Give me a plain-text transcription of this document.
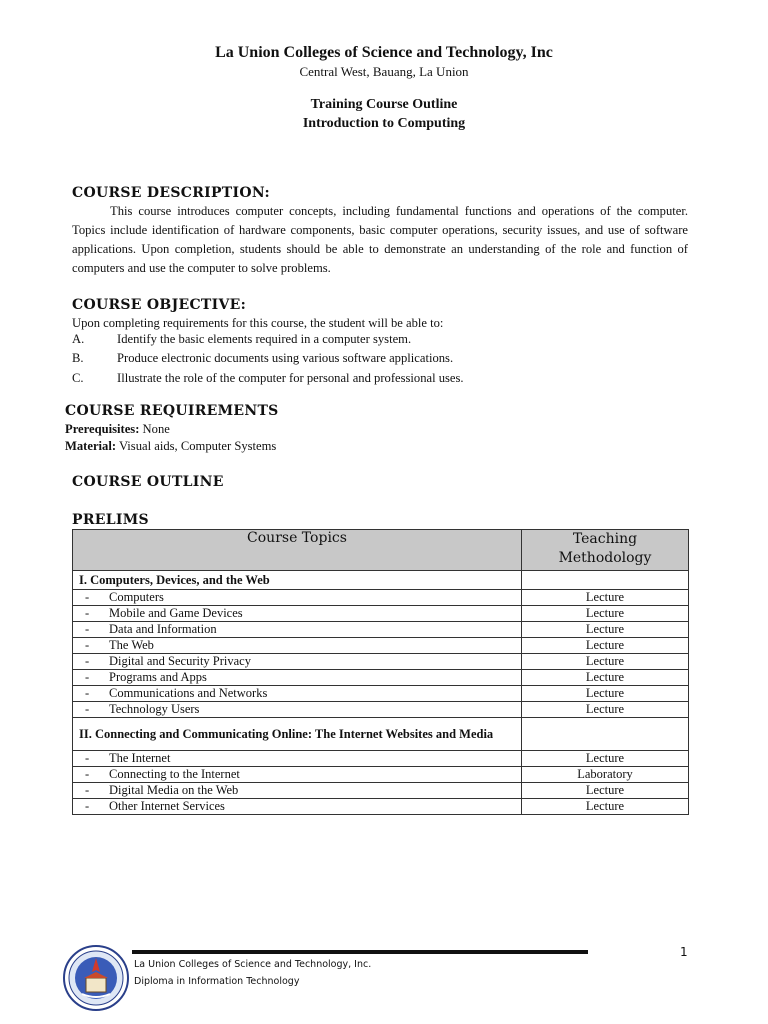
La Union Colleges of Science and Technology, Inc
Central West, Bauang, La Union
Training Course Outline
Introduction to Computing
COURSE DESCRIPTION:
This course introduces computer concepts, including fundamental functions and operations of the computer. Topics include identification of hardware components, basic computer operations, security issues, and use of software applications. Upon completion, students should be able to demonstrate an understanding of the role and function of computers and use the computer to solve problems.
COURSE OBJECTIVE:
Upon completing requirements for this course, the student will be able to:
A.	Identify the basic elements required in a computer system.
B.	Produce electronic documents using various software applications.
C.	Illustrate the role of the computer for personal and professional uses.
COURSE REQUIREMENTS
Prerequisites: None
Material: Visual aids, Computer Systems
COURSE OUTLINE
PRELIMS
Course Topics	Teaching Methodology
I. Computers, Devices, and the Web	
- Computers	Lecture
- Mobile and Game Devices	Lecture
- Data and Information	Lecture
- The Web	Lecture
- Digital and Security Privacy	Lecture
- Programs and Apps	Lecture
- Communications and Networks	Lecture
- Technology Users	Lecture
II. Connecting and Communicating Online: The Internet Websites and Media	
- The Internet	Lecture
- Connecting to the Internet	Laboratory
- Digital Media on the Web	Lecture
- Other Internet Services	Lecture
La Union Colleges of Science and Technology, Inc.
Diploma in Information Technology
1
